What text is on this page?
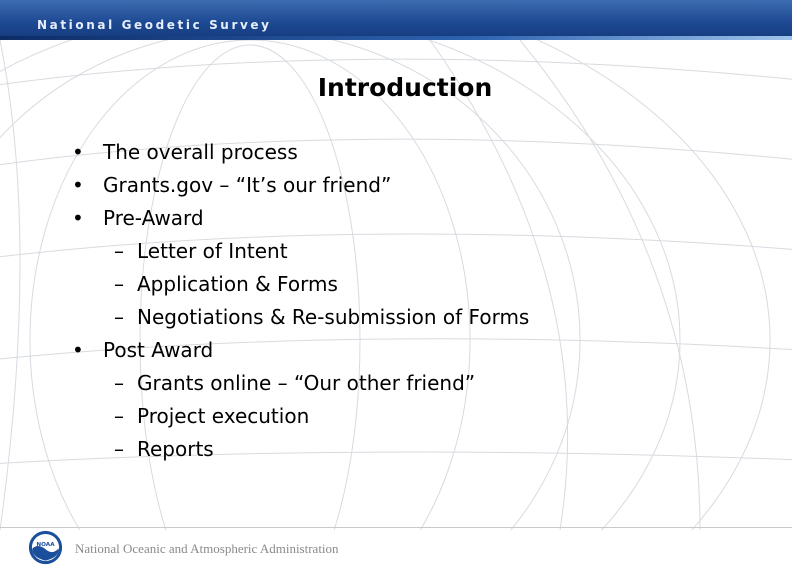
National Geodetic Survey
Introduction
• The overall process
• Grants.gov – “It’s our friend”
• Pre-Award
– Letter of Intent
– Application & Forms
– Negotiations & Re-submission of Forms
• Post Award
– Grants online – “Our other friend”
– Project execution
– Reports
NOAA National Oceanic and Atmospheric Administration
